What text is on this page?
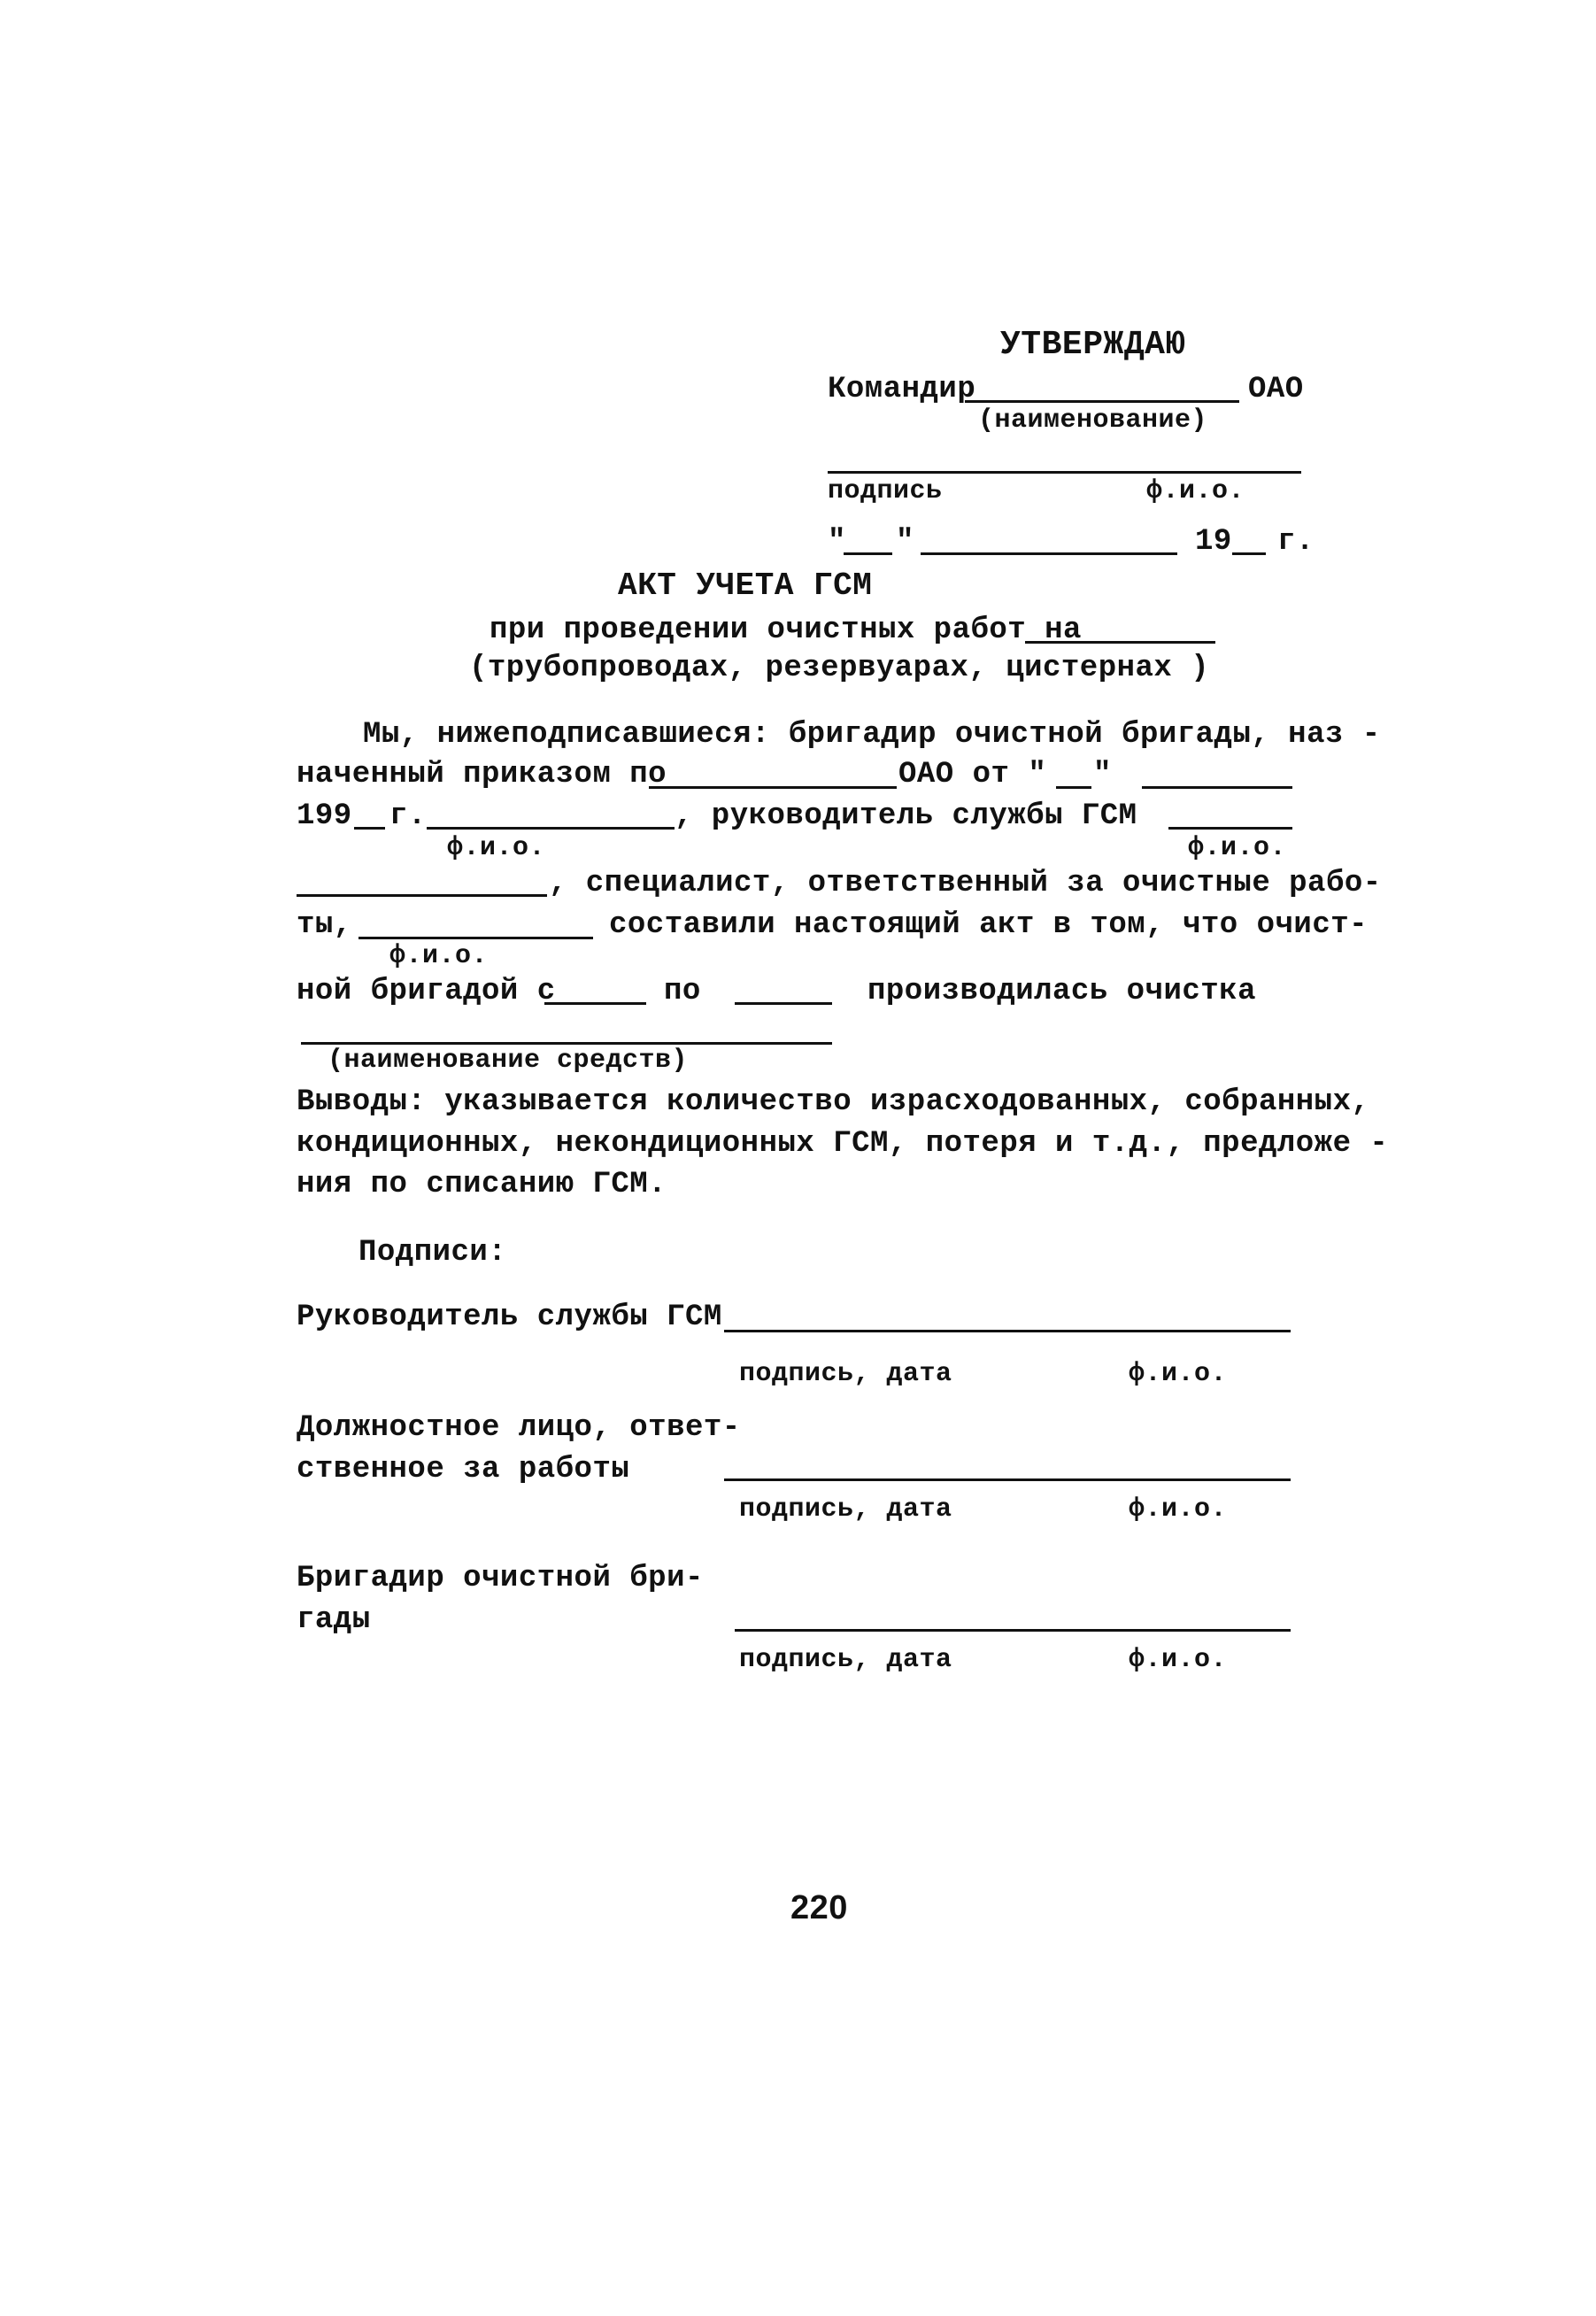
УТВЕРЖДАЮ
Командир	ОАО
(наименование)
подпись	ф.и.о.
" "	19 г.
АКТ УЧЕТА ГСМ
при проведении очистных работ на
(трубопроводах, резервуарах, цистернах )
Мы, нижеподписавшиеся: бригадир очистной бригады, наз -
наченный приказом по	ОАО от " "
199 г.	, руководитель службы ГСМ
ф.и.о.	ф.и.о.
, специалист, ответственный за очистные рабо-
ты,	составили настоящий акт в том, что очист-
ф.и.о.
ной бригадой с	по	производилась очистка
(наименование средств)
Выводы: указывается количество израсходованных, собранных,
кондиционных, некондиционных ГСМ, потеря и т.д., предложе -
ния по списанию ГСМ.
Подписи:
Руководитель службы ГСМ
подпись, дата	ф.и.о.
Должностное лицо, ответ-
ственное за работы
подпись, дата	ф.и.о.
Бригадир очистной бри-
гады
подпись, дата	ф.и.о.
220
